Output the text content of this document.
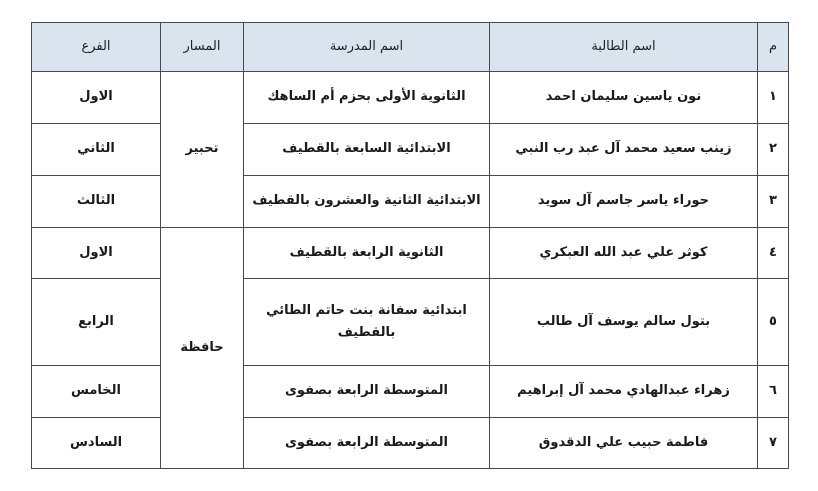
م	اسم الطالبة	اسم المدرسة	المسار	الفرع
١	نون ياسين سليمان احمد	الثانوية الأولى بحزم أم الساهك	تحبير	الاول
٢	زينب سعيد محمد آل عبد رب النبي	الابتدائية السابعة بالقطيف		الثاني
٣	حوراء ياسر جاسم آل سويد	الابتدائية الثانية والعشرون بالقطيف		الثالث
٤	كوثر علي عبد الله العبكري	الثانوية الرابعة بالقطيف	حافظة	الاول
٥	بتول سالم يوسف آل طالب	ابتدائية سفانة بنت حاتم الطائي بالقطيف		الرابع
٦	زهراء عبدالهادي محمد آل إبراهيم	المتوسطة الرابعة بصفوى		الخامس
٧	فاطمة حبيب علي الدقدوق	المتوسطة الرابعة بصفوى		السادس
